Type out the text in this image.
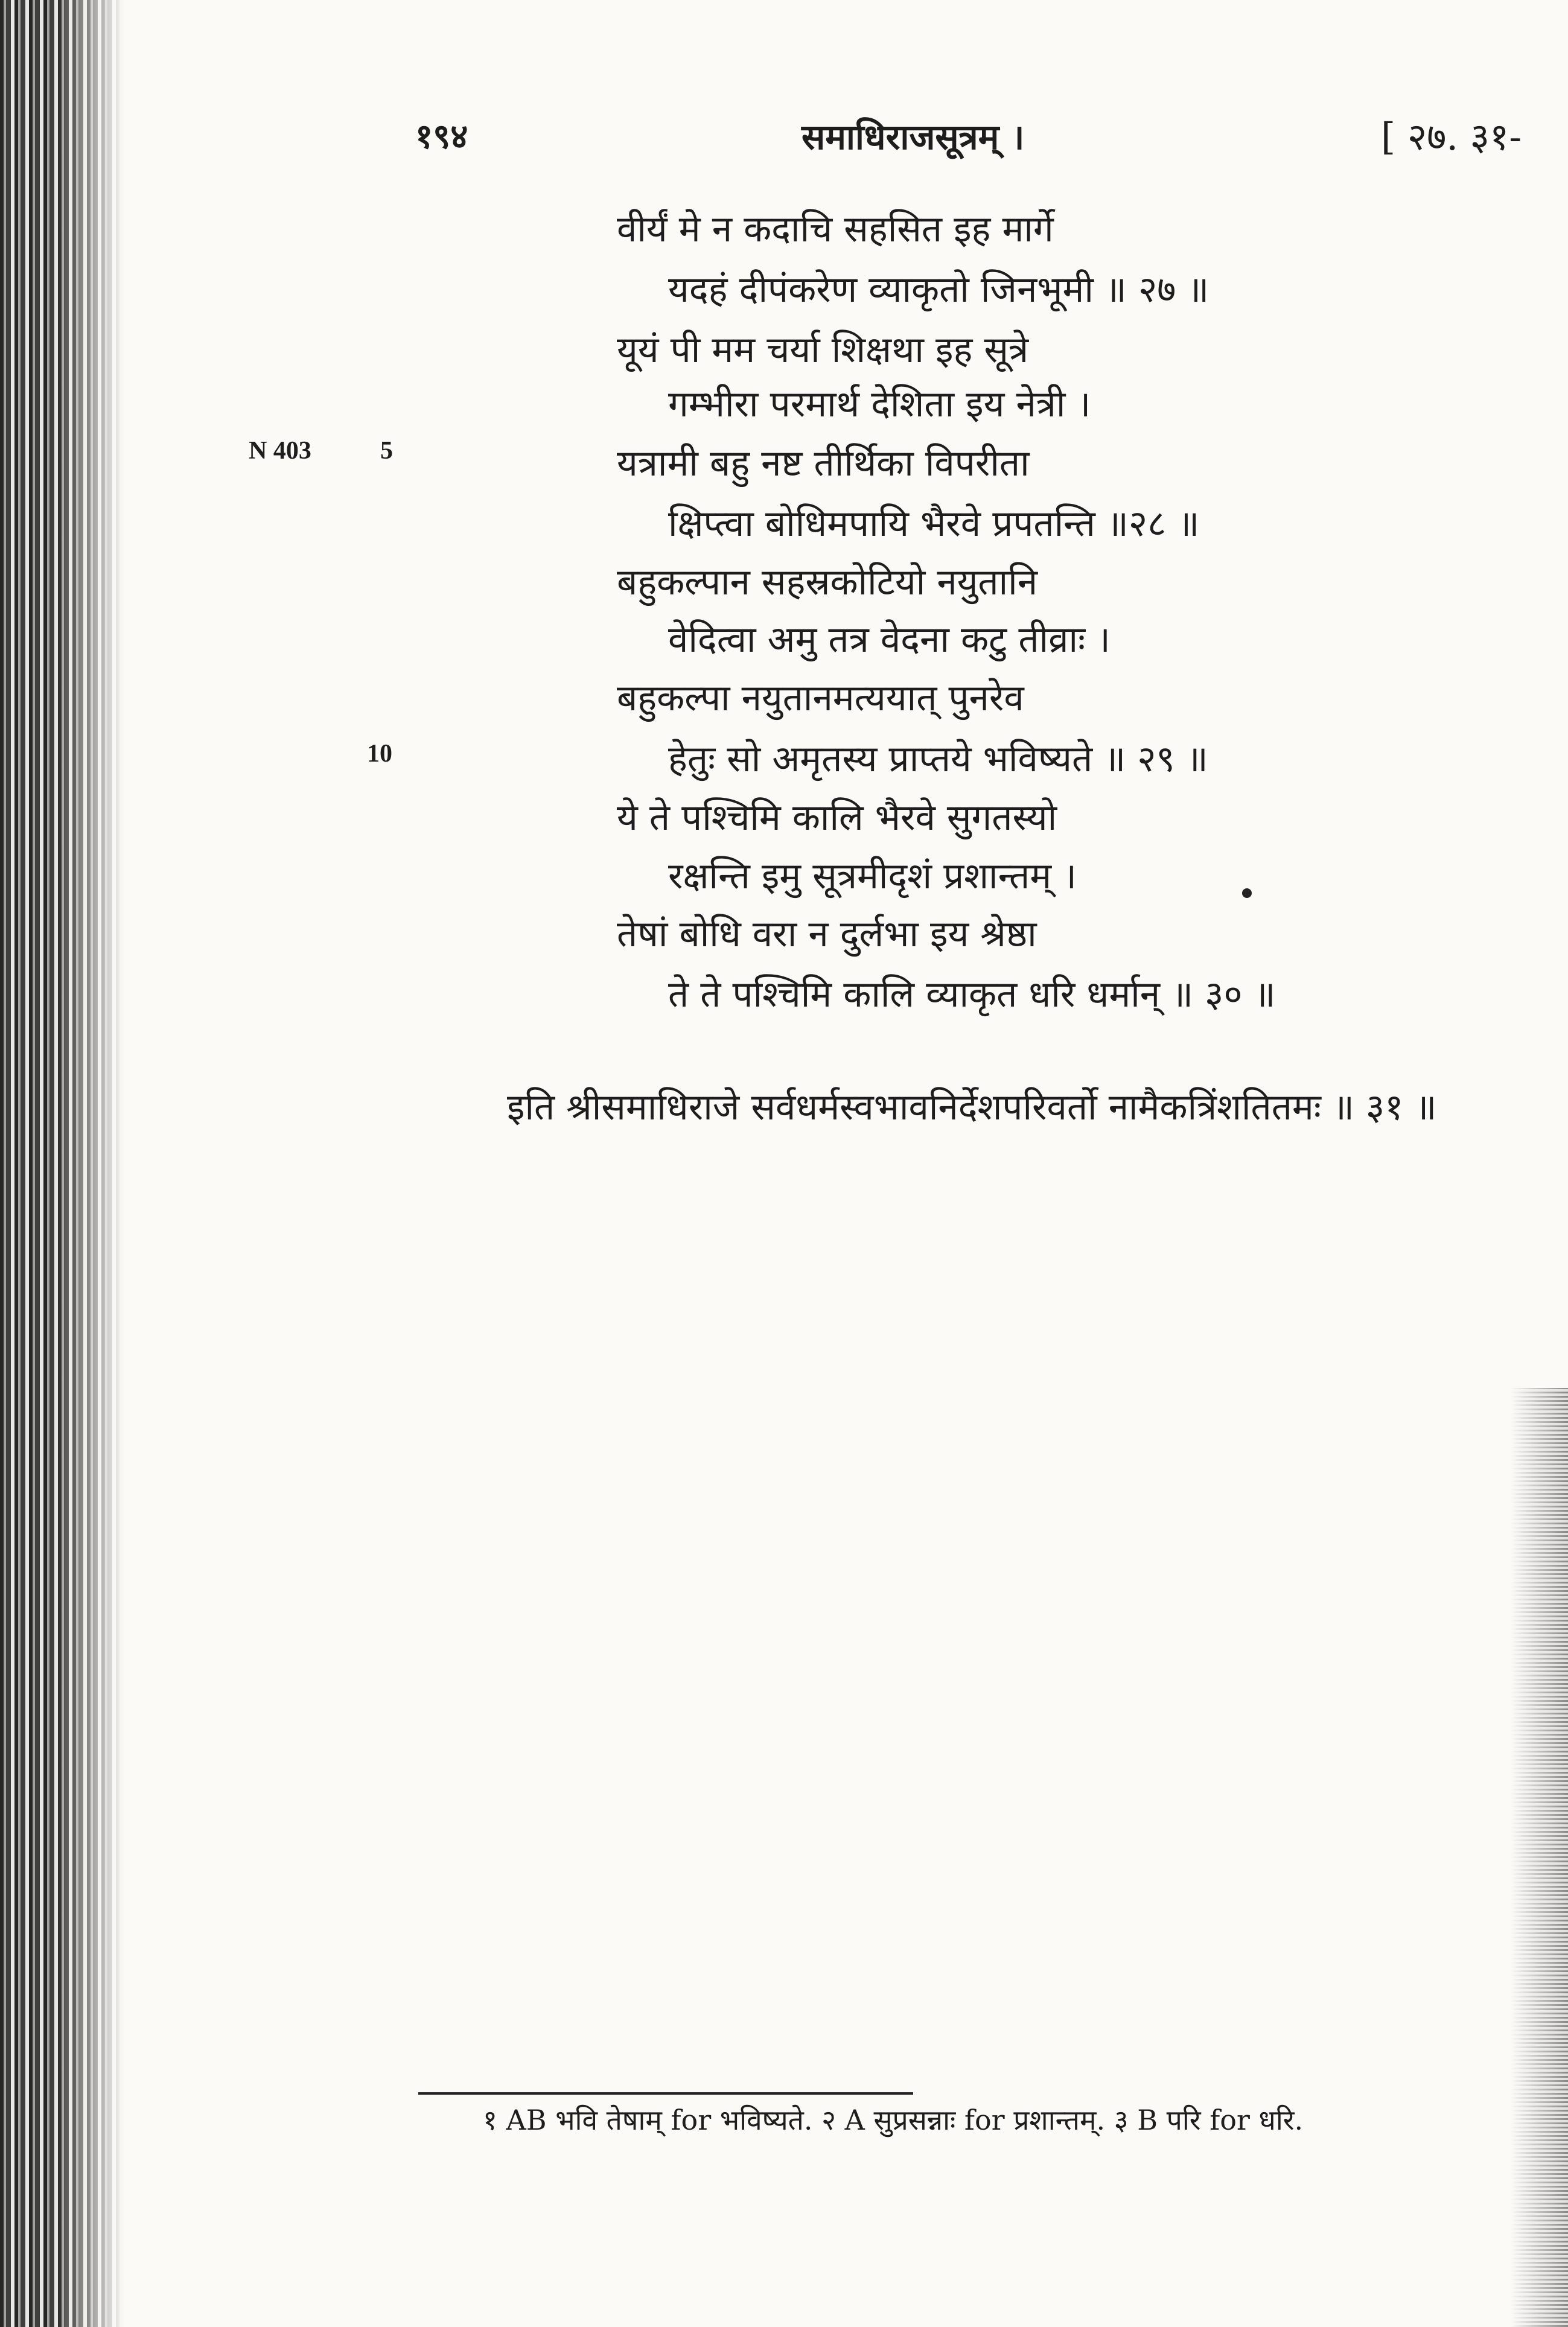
१९४	समाधिराजसूत्रम् ।	[ २७. ३१-
N 403	5
10
वीर्यं मे न कदाचि सहसित इह मार्गे
यदहं दीपंकरेण व्याकृतो जिनभूमी ॥ २७ ॥
यूयं पी मम चर्या शिक्षथा इह सूत्रे
गम्भीरा परमार्थ देशिता इय नेत्री ।
यत्रामी बहु नष्ट तीर्थिका विपरीता
क्षिप्त्वा बोधिमपायि भैरवे प्रपतन्ति ॥२८ ॥
बहुकल्पान सहस्रकोटियो नयुतानि
वेदित्वा अमु तत्र वेदना कटु तीव्राः ।
बहुकल्पा नयुतानमत्ययात् पुनरेव
हेतुः सो अमृतस्य प्राप्तये भविष्यते ॥ २९ ॥
ये ते पश्चिमि कालि भैरवे सुगतस्यो
रक्षन्ति इमु सूत्रमीदृशं प्रशान्तम् ।
तेषां बोधि वरा न दुर्लभा इय श्रेष्ठा
ते ते पश्चिमि कालि व्याकृत धरि धर्मान् ॥ ३० ॥
इति श्रीसमाधिराजे सर्वधर्मस्वभावनिर्देशपरिवर्तो नामैकत्रिंशतितमः ॥ ३१ ॥
१ AB भवि तेषाम् for भविष्यते. २ A सुप्रसन्नाः for प्रशान्तम्. ३ B परि for धरि.
